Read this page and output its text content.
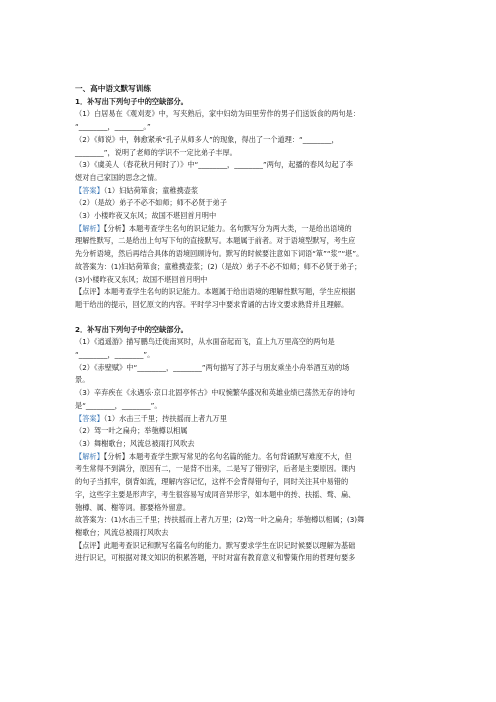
一、高中语文默写训练

1．补写出下列句子中的空缺部分。

（1）白居易在《观刈麦》中，写夹熟后，家中妇幼为田里劳作的男子们送饭食的两句是：

“________，________。”

（2）《师说》中，韩愈紧承“孔子从师多人”的现象，得出了一个道理：“________，

________”，说明了老师的学识不一定比弟子丰厚。

（3）《虞美人（春花秋月何时了）》中“________，________”两句，起播的春风勾起了李

煜对自己家国的思念之情。

【答案】（1）妇姑荷箪食；童稚携壶浆

（2）（是故）弟子不必不如师；师不必贤于弟子

（3）小楼昨夜又东风；故国不堪回首月明中

【解析】【分析】本题考查学生名句的识记能力。名句默写分为两大类，一是给出语境的

理解性默写，二是给出上句写下句的直接默写。本题属于前者。对于语境型默写，考生应

先分析语境，然后再结合具体的语境回顾诗句。默写的时候要注意如下词语“箪”“浆”“堪”。

故答案为：(1)妇姑荷箪食；童稚携壶浆；(2)（是故）弟子不必不如师；师不必贤于弟子；

(3)小楼昨夜又东风；故国不堪回首月明中

【点评】本题考查学生名句的识记能力。本题属于给出语境的理解性默写题，学生应根据

题干给出的提示，回忆原文的内容。平时学习中要求背诵的古诗文要求熟背并且理解。

2．补写出下列句子中的空缺部分。

（1）《逍遥游》描写鹏鸟迁徙南冥时，从水面奋起而飞，直上九万里高空的两句是

“________，________”。

（2）《赤壁赋》中“________，________”两句描写了苏子与朋友乘坐小舟举酒互劝的场

景。

（3）辛弃疾在《永遇乐·京口北固亭怀古》中叹惋繁华盛况和英雄业绩已荡然无存的诗句

是“________，________”。

【答案】（1）水击三千里；抟扶摇而上者九万里

（2）驾一叶之扁舟；举匏樽以相属

（3）舞榭歌台；风流总被雨打风吹去

【解析】【分析】本题考查学生默写常见的名句名篇的能力。名句背诵默写难度不大，但

考生常得不到满分，原因有二，一是背不出来，二是写了错别字，后者是主要原因。课内

的句子当抓牢，倒背如流，理解内容记忆，这样不会背得错句子，同时关注其中易错的

字，这些字主要是形声字，考生很容易写成同音异形字，如本题中的抟、扶摇、骛、扁、

匏樽、属、榭等词。都要格外留意。

故答案为：(1)水击三千里；抟扶摇而上者九万里；(2)驾一叶之扁舟；举匏樽以相属；(3)舞

榭歌台；风流总被雨打风吹去

【点评】此题考查识记和默写名篇名句的能力。默写要求学生在识记时候要以理解为基础

进行识记，可根据对课文知识的积累答题，平时对富有教育意义和警策作用的哲理句要多
